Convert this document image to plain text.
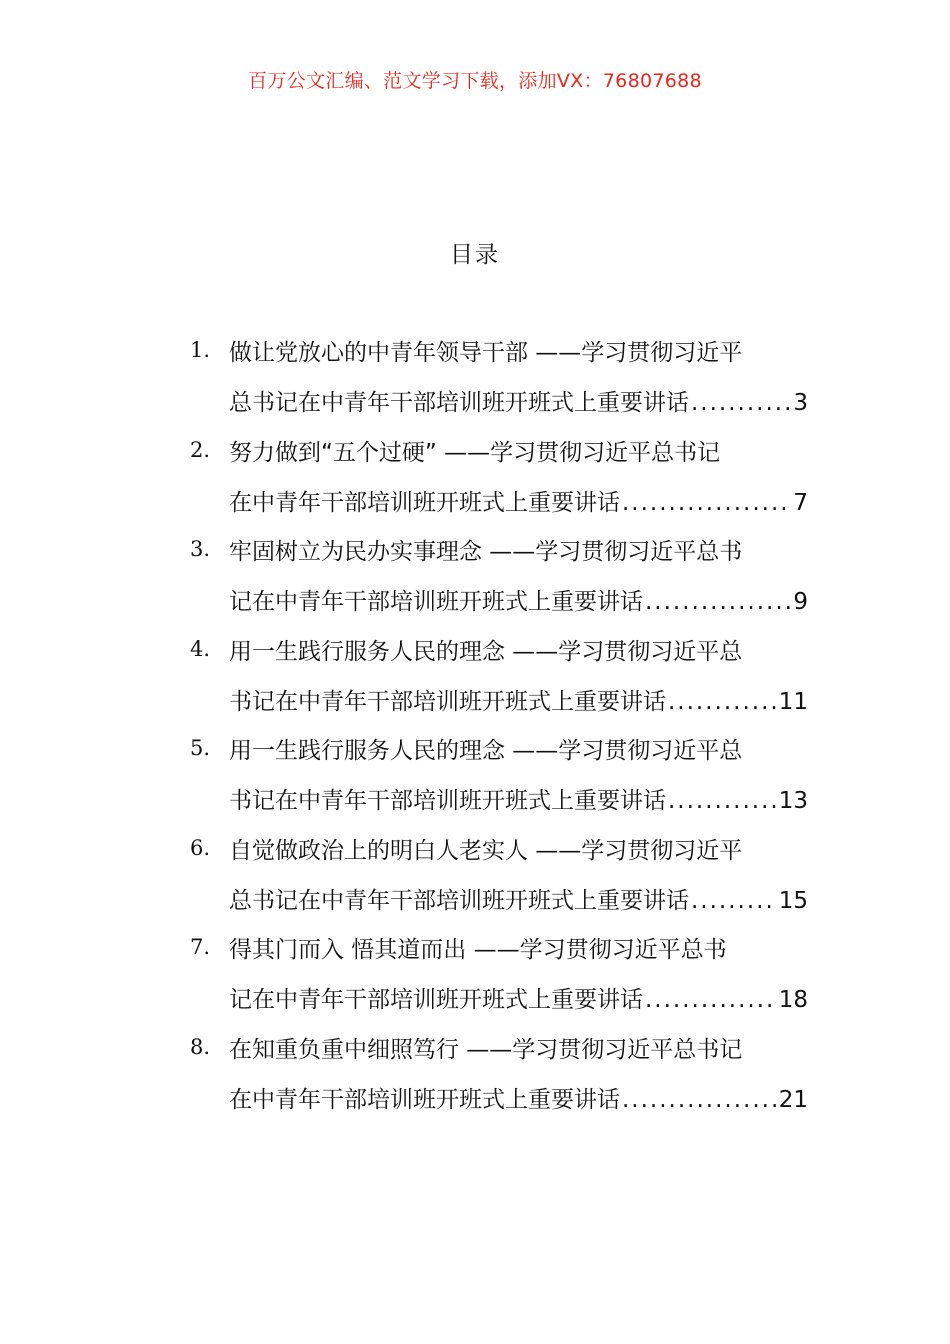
百万公文汇编、范文学习下载，添加VX：76807688
目录
1. 做让党放心的中青年领导干部 ——学习贯彻习近平
总书记在中青年干部培训班开班式上重要讲话 .....	3
2. 努力做到“五个过硬” ——学习贯彻习近平总书记
在中青年干部培训班开班式上重要讲话 .....	7
3. 牢固树立为民办实事理念 ——学习贯彻习近平总书
记在中青年干部培训班开班式上重要讲话 .....	9
4. 用一生践行服务人民的理念 ——学习贯彻习近平总
书记在中青年干部培训班开班式上重要讲话 .....	11
5. 用一生践行服务人民的理念 ——学习贯彻习近平总
书记在中青年干部培训班开班式上重要讲话 .....	13
6. 自觉做政治上的明白人老实人 ——学习贯彻习近平
总书记在中青年干部培训班开班式上重要讲话 .....	15
7. 得其门而入 悟其道而出 ——学习贯彻习近平总书
记在中青年干部培训班开班式上重要讲话 .....	18
8. 在知重负重中细照笃行 ——学习贯彻习近平总书记
在中青年干部培训班开班式上重要讲话 .....	21
